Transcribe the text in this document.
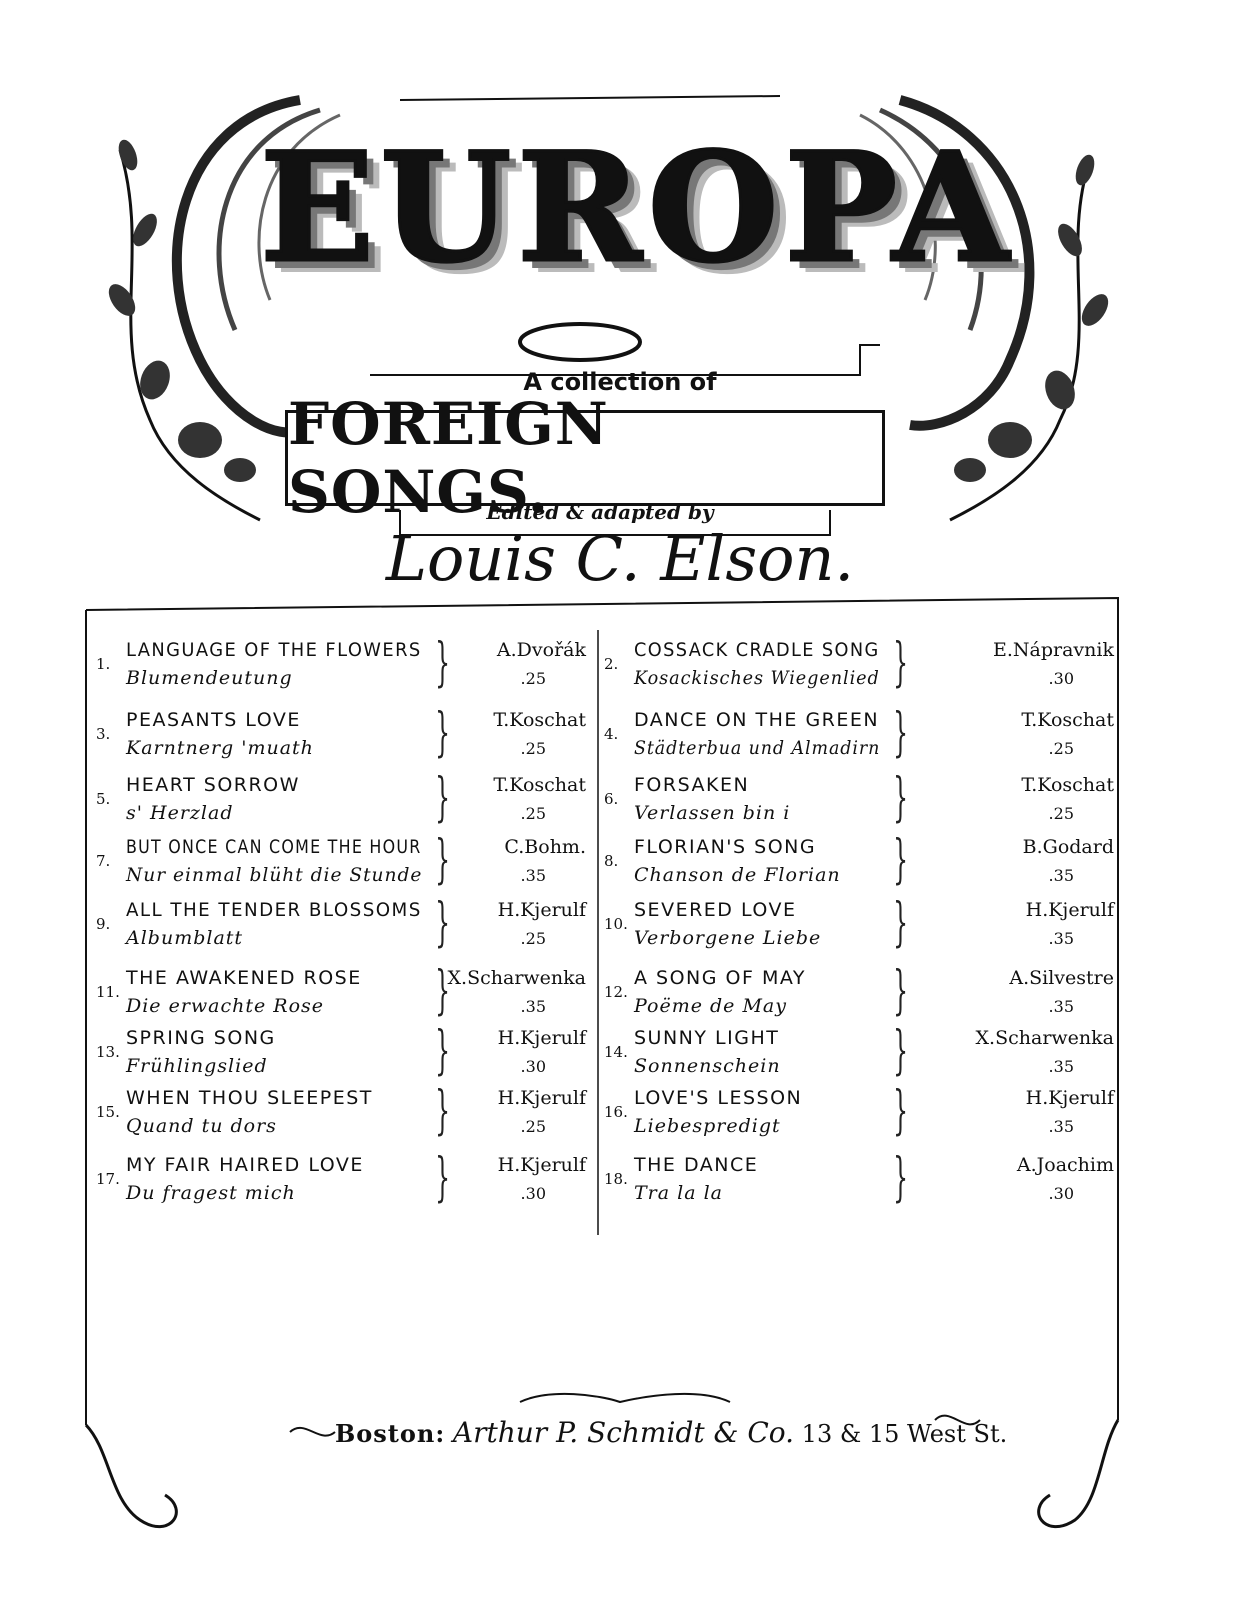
EUROPA
A collection of
FOREIGN SONGS.
Edited & adapted by
Louis C. Elson.
1.
LANGUAGE OF THE FLOWERS
Blumendeutung	} A.Dvořák
.25
2.
COSSACK CRADLE SONG
Kosackisches Wiegenlied }	E.Nápravnik
.30
3.
PEASANTS LOVE
Karntnerg 'muath } T.Koschat
.25
4.
DANCE ON THE GREEN
Städterbua und Almadirn }	T.Koschat
.25
5.
HEART SORROW
s' Herzlad	} T.Koschat
.25
6.
FORSAKEN
Verlassen bin i }	T.Koschat
.25
7.
BUT ONCE CAN COME THE HOUR
Nur einmal blüht die Stunde }	C.Bohm.
.35
8.
FLORIAN'S SONG
Chanson de Florian }	B.Godard
.35
9.
ALL THE TENDER BLOSSOMS
Albumblatt	}	H.Kjerulf
.25
10.
SEVERED LOVE
Verborgene Liebe }	H.Kjerulf
.35
11.
THE AWAKENED ROSE
Die erwachte Rose }
X.Scharwenka
.35
12.
A SONG OF MAY
Poëme de May }	A.Silvestre
.35
13.
SPRING SONG
Frühlingslied	}	H.Kjerulf
.30
14.
SUNNY LIGHT
Sonnenschein }	X.Scharwenka
.35
15.
WHEN THOU SLEEPEST
Quand tu dors	}	H.Kjerulf
.25
16.
LOVE'S LESSON
Liebespredigt }	H.Kjerulf
.35
17.
MY FAIR HAIRED LOVE
Du fragest mich	}	H.Kjerulf
.30
18.
THE DANCE
Tra la la	}	A.Joachim
.30
Boston: Arthur P. Schmidt & Co. 13 & 15 West St.
